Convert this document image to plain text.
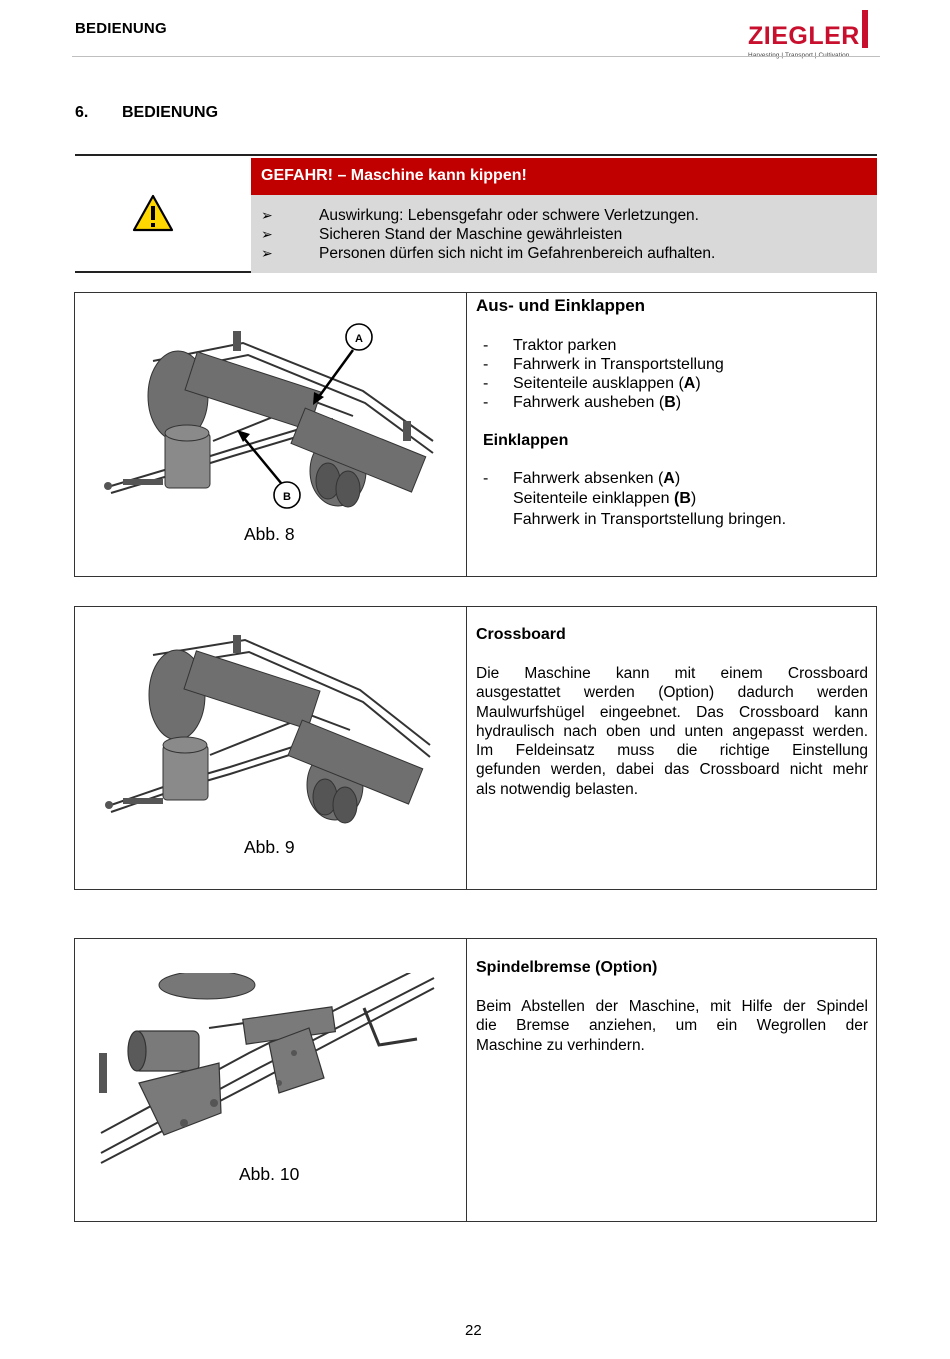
BEDIENUNG	ZIEGLER
6. BEDIENUNG
GEFAHR! – Maschine kann kippen!
➢	Auswirkung: Lebensgefahr oder schwere Verletzungen.
➢	Sicheren Stand der Maschine gewährleisten
➢	Personen dürfen sich nicht im Gefahrenbereich aufhalten.
A
B
Abb. 8
Aus- und Einklappen
- Traktor parken
- Fahrwerk in Transportstellung
- Seitenteile ausklappen (A)
- Fahrwerk ausheben (B)
Einklappen
- Fahrwerk absenken (A)
Seitenteile einklappen (B)
Fahrwerk in Transportstellung bringen.
Abb. 9
Crossboard
Die Maschine kann mit einem Crossboard
ausgestattet werden (Option) dadurch werden
Maulwurfshügel eingeebnet. Das Crossboard kann
hydraulisch nach oben und unten angepasst werden.
Im Feldeinsatz muss die richtige Einstellung
gefunden werden, dabei das Crossboard nicht mehr
als notwendig belasten.
Abb. 10
Spindelbremse (Option)
Beim Abstellen der Maschine, mit Hilfe der Spindel
die Bremse anziehen, um ein Wegrollen der
Maschine zu verhindern.
22
